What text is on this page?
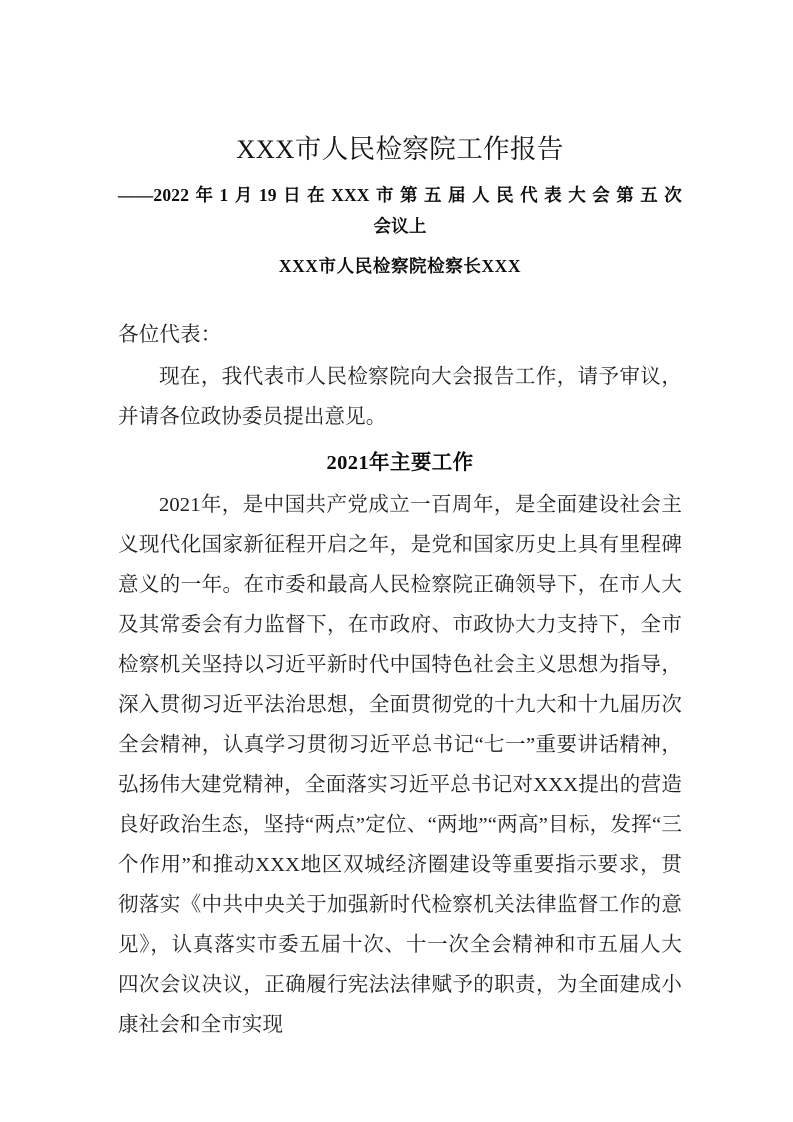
XXX市人民检察院工作报告
——2022年1月19日在XXX市第五届人民代表大会第五次
会议上
XXX市人民检察院检察长XXX

各位代表：

现在，我代表市人民检察院向大会报告工作，请予审议，并请各位政协委员提出意见。

2021年主要工作

2021年，是中国共产党成立一百周年，是全面建设社会主义现代化国家新征程开启之年，是党和国家历史上具有里程碑意义的一年。在市委和最高人民检察院正确领导下，在市人大及其常委会有力监督下，在市政府、市政协大力支持下，全市检察机关坚持以习近平新时代中国特色社会主义思想为指导，深入贯彻习近平法治思想，全面贯彻党的十九大和十九届历次全会精神，认真学习贯彻习近平总书记“七一”重要讲话精神，弘扬伟大建党精神，全面落实习近平总书记对XXX提出的营造良好政治生态，坚持“两点”定位、“两地”“两高”目标，发挥“三个作用”和推动XXX地区双城经济圈建设等重要指示要求，贯彻落实《中共中央关于加强新时代检察机关法律监督工作的意见》，认真落实市委五届十次、十一次全会精神和市五届人大四次会议决议，正确履行宪法法律赋予的职责，为全面建成小康社会和全市实现
